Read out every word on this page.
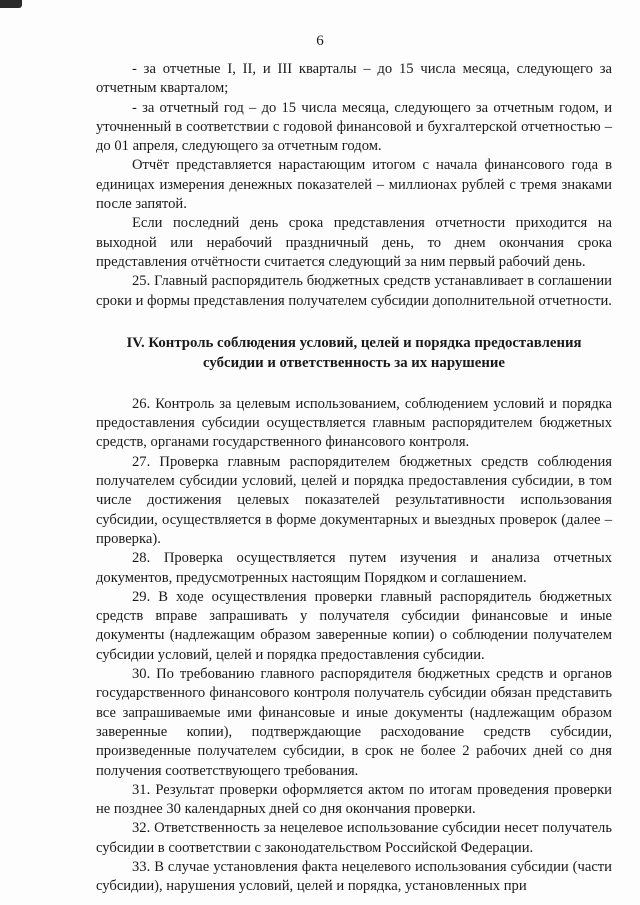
6

- за отчетные I, II, и III кварталы – до 15 числа месяца, следующего за отчетным кварталом;

- за отчетный год – до 15 числа месяца, следующего за отчетным годом, и уточненный в соответствии с годовой финансовой и бухгалтерской отчетностью – до 01 апреля, следующего за отчетным годом.

Отчёт представляется нарастающим итогом с начала финансового года в единицах измерения денежных показателей – миллионах рублей с тремя знаками после запятой.

Если последний день срока представления отчетности приходится на выходной или нерабочий праздничный день, то днем окончания срока представления отчётности считается следующий за ним первый рабочий день.

25. Главный распорядитель бюджетных средств устанавливает в соглашении сроки и формы представления получателем субсидии дополнительной отчетности.

IV. Контроль соблюдения условий, целей и порядка предоставления субсидии и ответственность за их нарушение

26. Контроль за целевым использованием, соблюдением условий и порядка предоставления субсидии осуществляется главным распорядителем бюджетных средств, органами государственного финансового контроля.

27. Проверка главным распорядителем бюджетных средств соблюдения получателем субсидии условий, целей и порядка предоставления субсидии, в том числе достижения целевых показателей результативности использования субсидии, осуществляется в форме документарных и выездных проверок (далее – проверка).

28. Проверка осуществляется путем изучения и анализа отчетных документов, предусмотренных настоящим Порядком и соглашением.

29. В ходе осуществления проверки главный распорядитель бюджетных средств вправе запрашивать у получателя субсидии финансовые и иные документы (надлежащим образом заверенные копии) о соблюдении получателем субсидии условий, целей и порядка предоставления субсидии.

30. По требованию главного распорядителя бюджетных средств и органов государственного финансового контроля получатель субсидии обязан представить все запрашиваемые ими финансовые и иные документы (надлежащим образом заверенные копии), подтверждающие расходование средств субсидии, произведенные получателем субсидии, в срок не более 2 рабочих дней со дня получения соответствующего требования.

31. Результат проверки оформляется актом по итогам проведения проверки не позднее 30 календарных дней со дня окончания проверки.

32. Ответственность за нецелевое использование субсидии несет получатель субсидии в соответствии с законодательством Российской Федерации.

33. В случае установления факта нецелевого использования субсидии (части субсидии), нарушения условий, целей и порядка, установленных при
